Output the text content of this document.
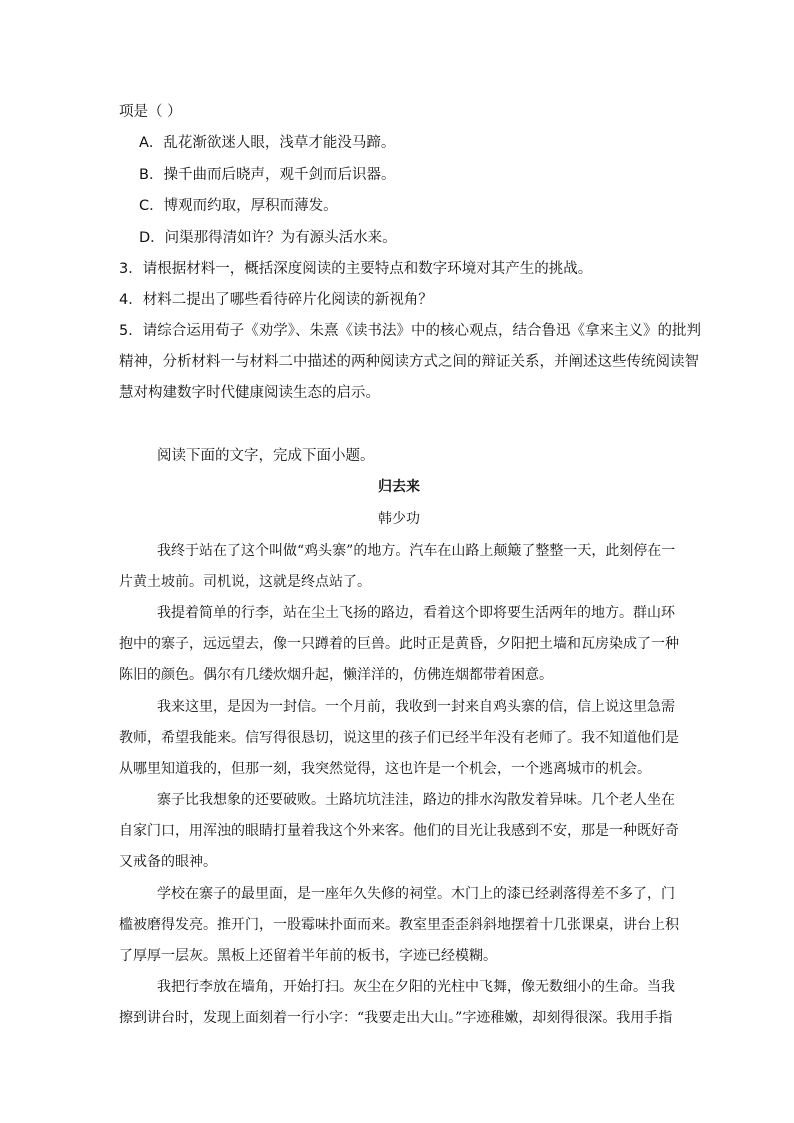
项是（ ）
A．乱花渐欲迷人眼，浅草才能没马蹄。
B．操千曲而后晓声，观千剑而后识器。
C．博观而约取，厚积而薄发。
D．问渠那得清如许？为有源头活水来。
3．请根据材料一，概括深度阅读的主要特点和数字环境对其产生的挑战。
4．材料二提出了哪些看待碎片化阅读的新视角？
5．请综合运用荀子《劝学》、朱熹《读书法》中的核心观点，结合鲁迅《拿来主义》的批判
精神，分析材料一与材料二中描述的两种阅读方式之间的辩证关系，并阐述这些传统阅读智
慧对构建数字时代健康阅读生态的启示。
阅读下面的文字，完成下面小题。
归去来
韩少功
我终于站在了这个叫做“鸡头寨”的地方。汽车在山路上颠簸了整整一天，此刻停在一
片黄土坡前。司机说，这就是终点站了。
我提着简单的行李，站在尘土飞扬的路边，看着这个即将要生活两年的地方。群山环
抱中的寨子，远远望去，像一只蹲着的巨兽。此时正是黄昏，夕阳把土墙和瓦房染成了一种
陈旧的颜色。偶尔有几缕炊烟升起，懒洋洋的，仿佛连烟都带着困意。
我来这里，是因为一封信。一个月前，我收到一封来自鸡头寨的信，信上说这里急需
教师，希望我能来。信写得很恳切，说这里的孩子们已经半年没有老师了。我不知道他们是
从哪里知道我的，但那一刻，我突然觉得，这也许是一个机会，一个逃离城市的机会。
寨子比我想象的还要破败。土路坑坑洼洼，路边的排水沟散发着异味。几个老人坐在
自家门口，用浑浊的眼睛打量着我这个外来客。他们的目光让我感到不安，那是一种既好奇
又戒备的眼神。
学校在寨子的最里面，是一座年久失修的祠堂。木门上的漆已经剥落得差不多了，门
槛被磨得发亮。推开门，一股霉味扑面而来。教室里歪歪斜斜地摆着十几张课桌，讲台上积
了厚厚一层灰。黑板上还留着半年前的板书，字迹已经模糊。
我把行李放在墙角，开始打扫。灰尘在夕阳的光柱中飞舞，像无数细小的生命。当我
擦到讲台时，发现上面刻着一行小字：“我要走出大山。”字迹稚嫩，却刻得很深。我用手指
